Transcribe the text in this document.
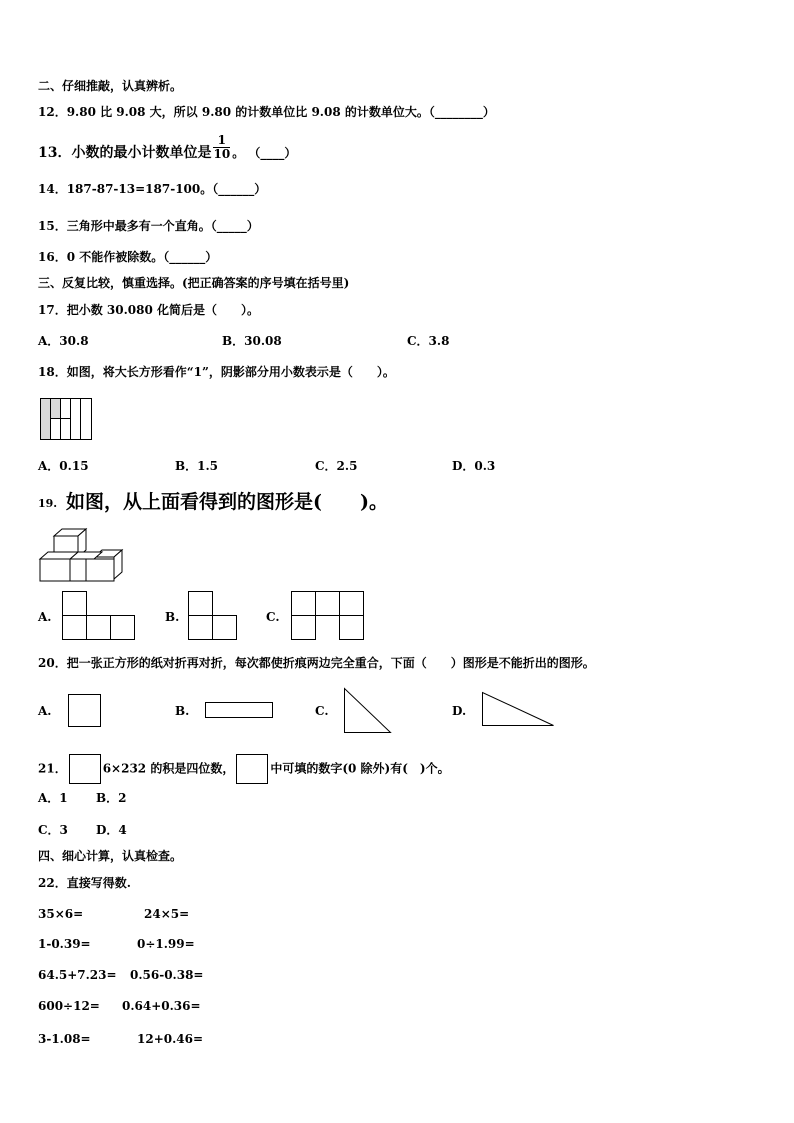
二、仔细推敲，认真辨析。
12．9.80 比 9.08 大，所以 9.80 的计数单位比 9.08 的计数单位大。（________）
13．小数的最小计数单位是 $\frac{1}{10}$ 。 （____）
14．187-87-13=187-100。（______）
15．三角形中最多有一个直角。（_____）
16．0 不能作被除数。（______）
三、反复比较，慎重选择。(把正确答案的序号填在括号里)
17．把小数 30.080 化简后是（　　）。
A．30.8	B．30.08	C．3.8
18．如图，将大长方形看作“1”，阴影部分用小数表示是（　　）。
A．0.15	B．1.5	C．2.5	D．0.3
19. 如图，从上面看得到的图形是(　　)。
A.	B.	C.
20．把一张正方形的纸对折再对折，每次都使折痕两边完全重合，下面（　　）图形是不能折出的图形。
A.	B.	C.	D.
21．	6×232 的积是四位数，	中可填的数字(0 除外)有(　)个。
A．1 B．2
C．3 D．4
四、细心计算，认真检查。
22．直接写得数.
35×6=	24×5=
1-0.39=	0÷1.99=
64.5+7.23= 0.56-0.38=
600÷12= 0.64+0.36=
3-1.08=	12+0.46=
